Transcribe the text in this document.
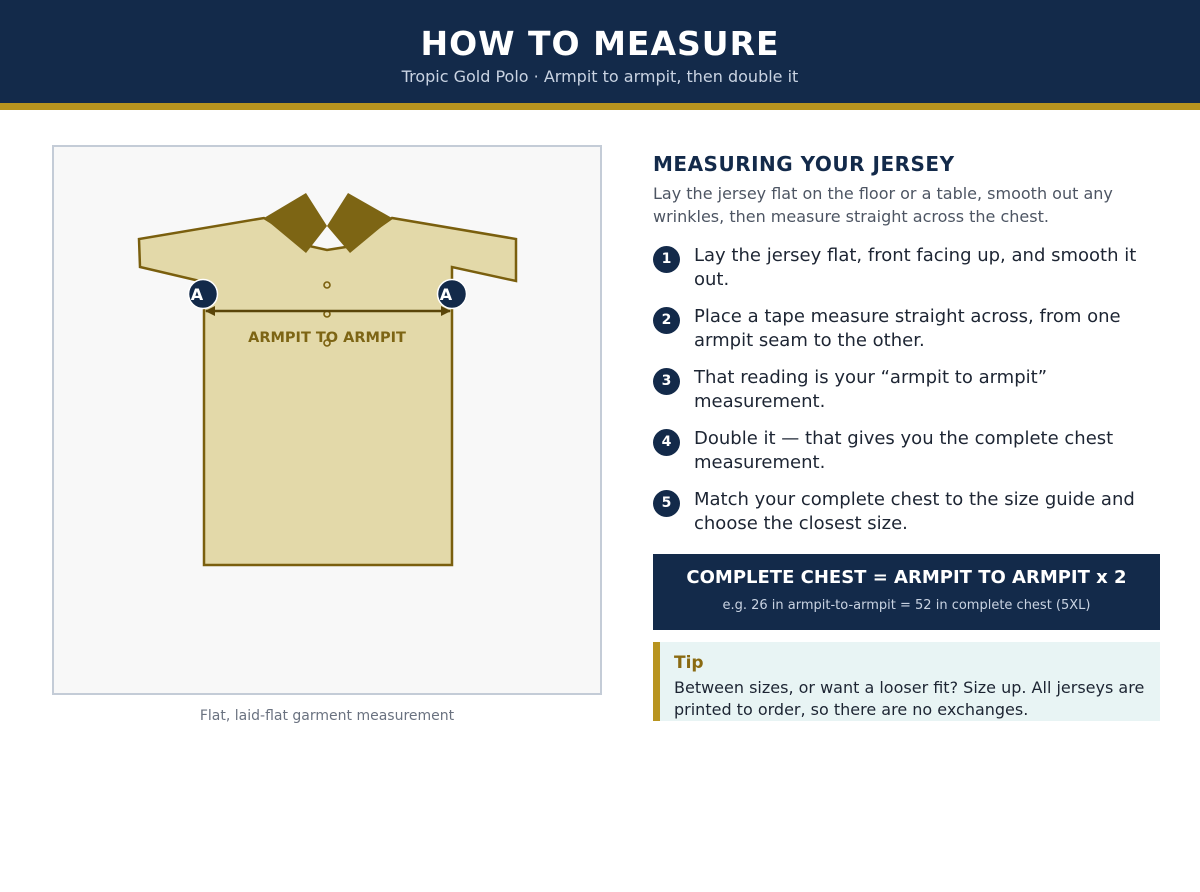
HOW TO MEASURE
Tropic Gold Polo · Armpit to armpit, then double it
ARMPIT TO ARMPIT
A	A
Flat, laid-flat garment measurement
MEASURING YOUR JERSEY
Lay the jersey flat on the floor or a table, smooth out any wrinkles, then measure straight across the chest.
1	Lay the jersey flat, front facing up, and smooth it out.
2	Place a tape measure straight across, from one armpit seam to the other.
3	That reading is your “armpit to armpit” measurement.
4	Double it — that gives you the complete chest measurement.
5	Match your complete chest to the size guide and choose the closest size.
COMPLETE CHEST = ARMPIT TO ARMPIT x 2
e.g. 26 in armpit-to-armpit = 52 in complete chest (5XL)
Tip
Between sizes, or want a looser fit? Size up. All jerseys are printed to order, so there are no exchanges.
